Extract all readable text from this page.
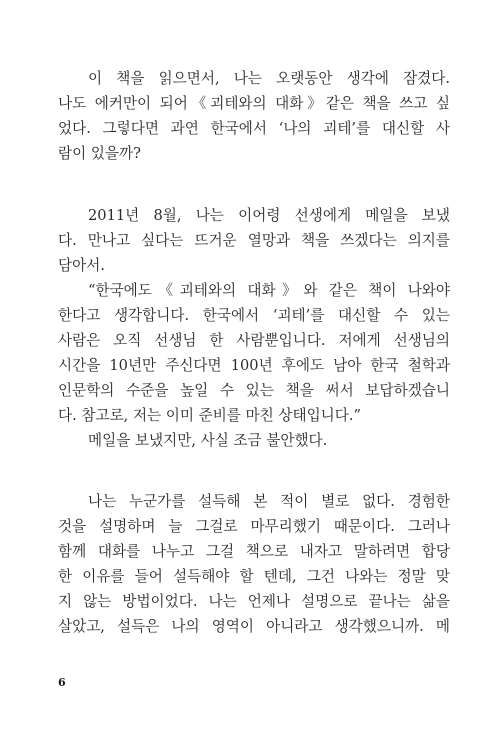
이 책을 읽으면서, 나는 오랫동안 생각에 잠겼다.
나도 에커만이 되어《괴테와의 대화》같은 책을 쓰고 싶
었다. 그렇다면 과연 한국에서 ‘나의 괴테’를 대신할 사
람이 있을까?
2011년 8월, 나는 이어령 선생에게 메일을 보냈
다. 만나고 싶다는 뜨거운 열망과 책을 쓰겠다는 의지를
담아서.
“한국에도《괴테와의 대화》와 같은 책이 나와야
한다고 생각합니다. 한국에서 ‘괴테’를 대신할 수 있는
사람은 오직 선생님 한 사람뿐입니다. 저에게 선생님의
시간을 10년만 주신다면 100년 후에도 남아 한국 철학과
인문학의 수준을 높일 수 있는 책을 써서 보답하겠습니
다. 참고로, 저는 이미 준비를 마친 상태입니다.”
메일을 보냈지만, 사실 조금 불안했다.
나는 누군가를 설득해 본 적이 별로 없다. 경험한
것을 설명하며 늘 그걸로 마무리했기 때문이다. 그러나
함께 대화를 나누고 그걸 책으로 내자고 말하려면 합당
한 이유를 들어 설득해야 할 텐데, 그건 나와는 정말 맞
지 않는 방법이었다. 나는 언제나 설명으로 끝나는 삶을
살았고, 설득은 나의 영역이 아니라고 생각했으니까. 메
6
